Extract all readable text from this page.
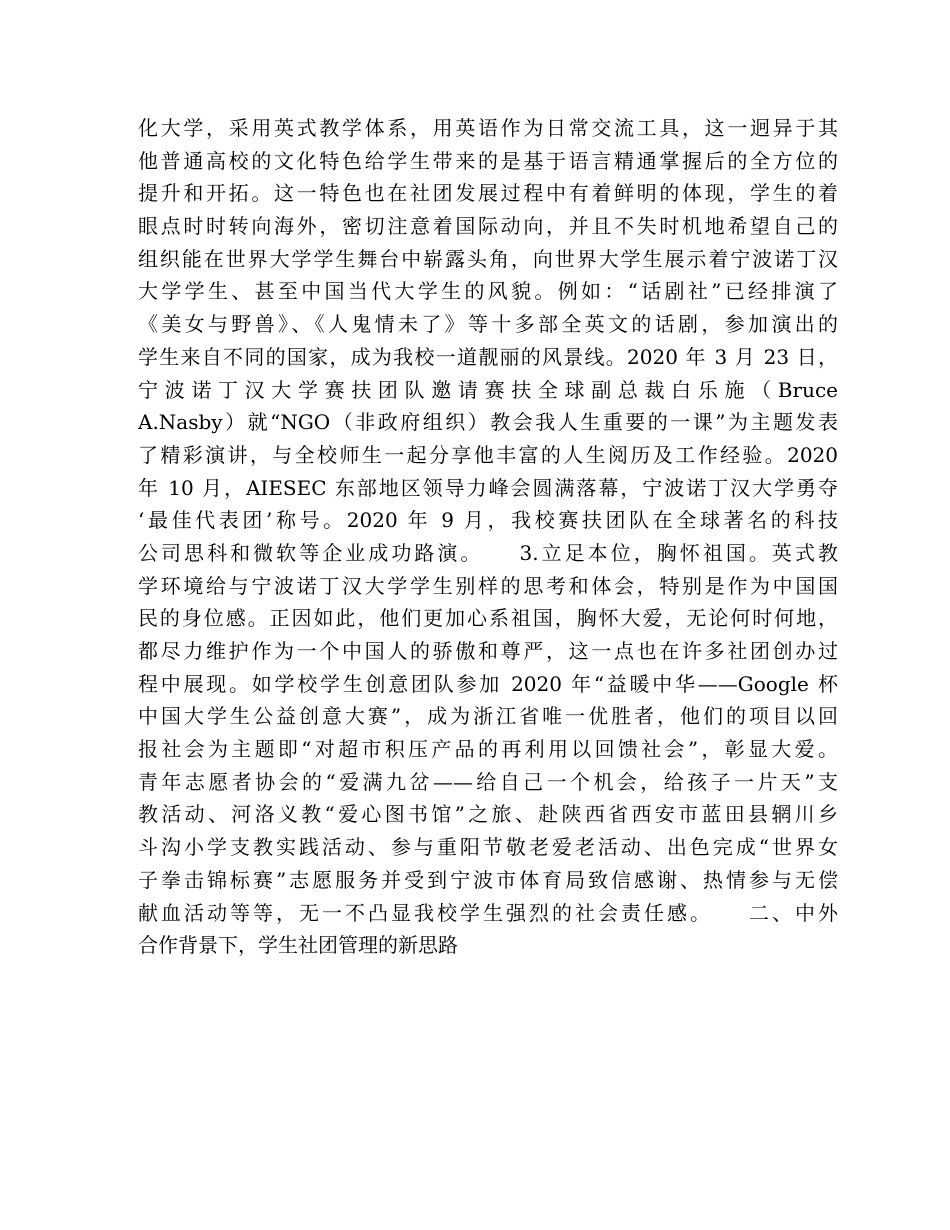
化大学，采用英式教学体系，用英语作为日常交流工具，这一迥异于其
他普通高校的文化特色给学生带来的是基于语言精通掌握后的全方位的
提升和开拓。这一特色也在社团发展过程中有着鲜明的体现，学生的着
眼点时时转向海外，密切注意着国际动向，并且不失时机地希望自己的
组织能在世界大学学生舞台中崭露头角，向世界大学生展示着宁波诺丁汉
大学学生、甚至中国当代大学生的风貌。例如：“话剧社”已经排演了
《美女与野兽》、《人鬼情未了》等十多部全英文的话剧，参加演出的
学生来自不同的国家，成为我校一道靓丽的风景线。2020 年 3 月 23 日，
宁波诺丁汉大学赛扶团队邀请赛扶全球副总裁白乐施（Bruce
A.Nasby）就“NGO（非政府组织）教会我人生重要的一课”为主题发表
了精彩演讲，与全校师生一起分享他丰富的人生阅历及工作经验。2020
年 10 月，AIESEC 东部地区领导力峰会圆满落幕，宁波诺丁汉大学勇夺
‘最佳代表团’称号。2020 年 9 月，我校赛扶团队在全球著名的科技
公司思科和微软等企业成功路演。　　3.立足本位，胸怀祖国。英式教
学环境给与宁波诺丁汉大学学生别样的思考和体会，特别是作为中国国
民的身位感。正因如此，他们更加心系祖国，胸怀大爱，无论何时何地，
都尽力维护作为一个中国人的骄傲和尊严，这一点也在许多社团创办过
程中展现。如学校学生创意团队参加 2020 年“益暖中华——Google 杯
中国大学生公益创意大赛”，成为浙江省唯一优胜者，他们的项目以回
报社会为主题即“对超市积压产品的再利用以回馈社会”，彰显大爱。
青年志愿者协会的“爱满九岔——给自己一个机会，给孩子一片天”支
教活动、河洛义教“爱心图书馆”之旅、赴陕西省西安市蓝田县辋川乡
斗沟小学支教实践活动、参与重阳节敬老爱老活动、出色完成“世界女
子拳击锦标赛”志愿服务并受到宁波市体育局致信感谢、热情参与无偿
献血活动等等，无一不凸显我校学生强烈的社会责任感。　　二、中外
合作背景下，学生社团管理的新思路
